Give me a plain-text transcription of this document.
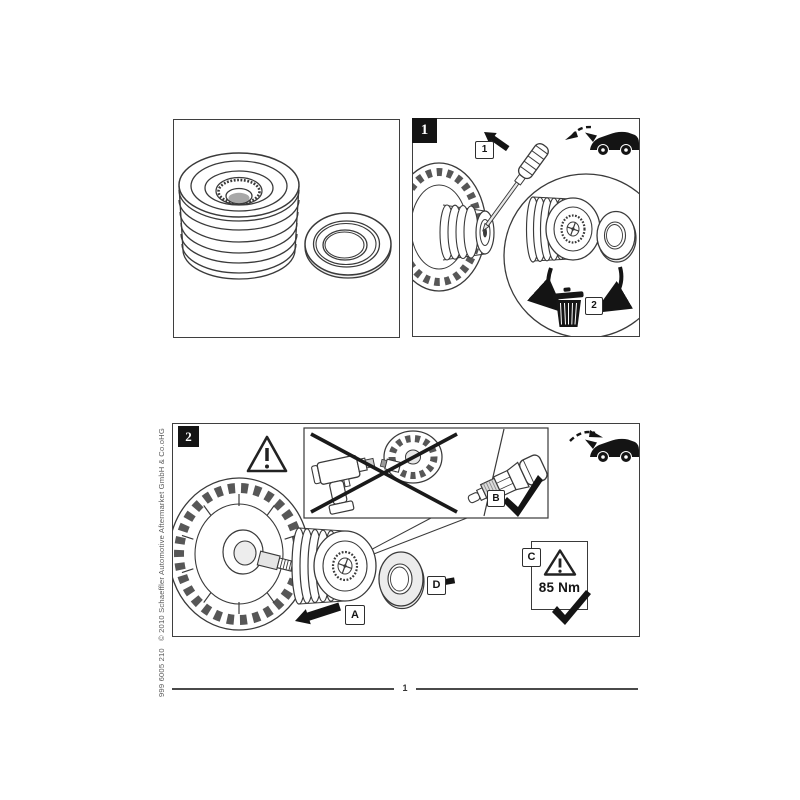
1
2
1
2
B
A
D	85 Nm
C
© 2010 Schaeffler Automotive Aftermarket GmbH & Co.oHG
999 6005 210	1
